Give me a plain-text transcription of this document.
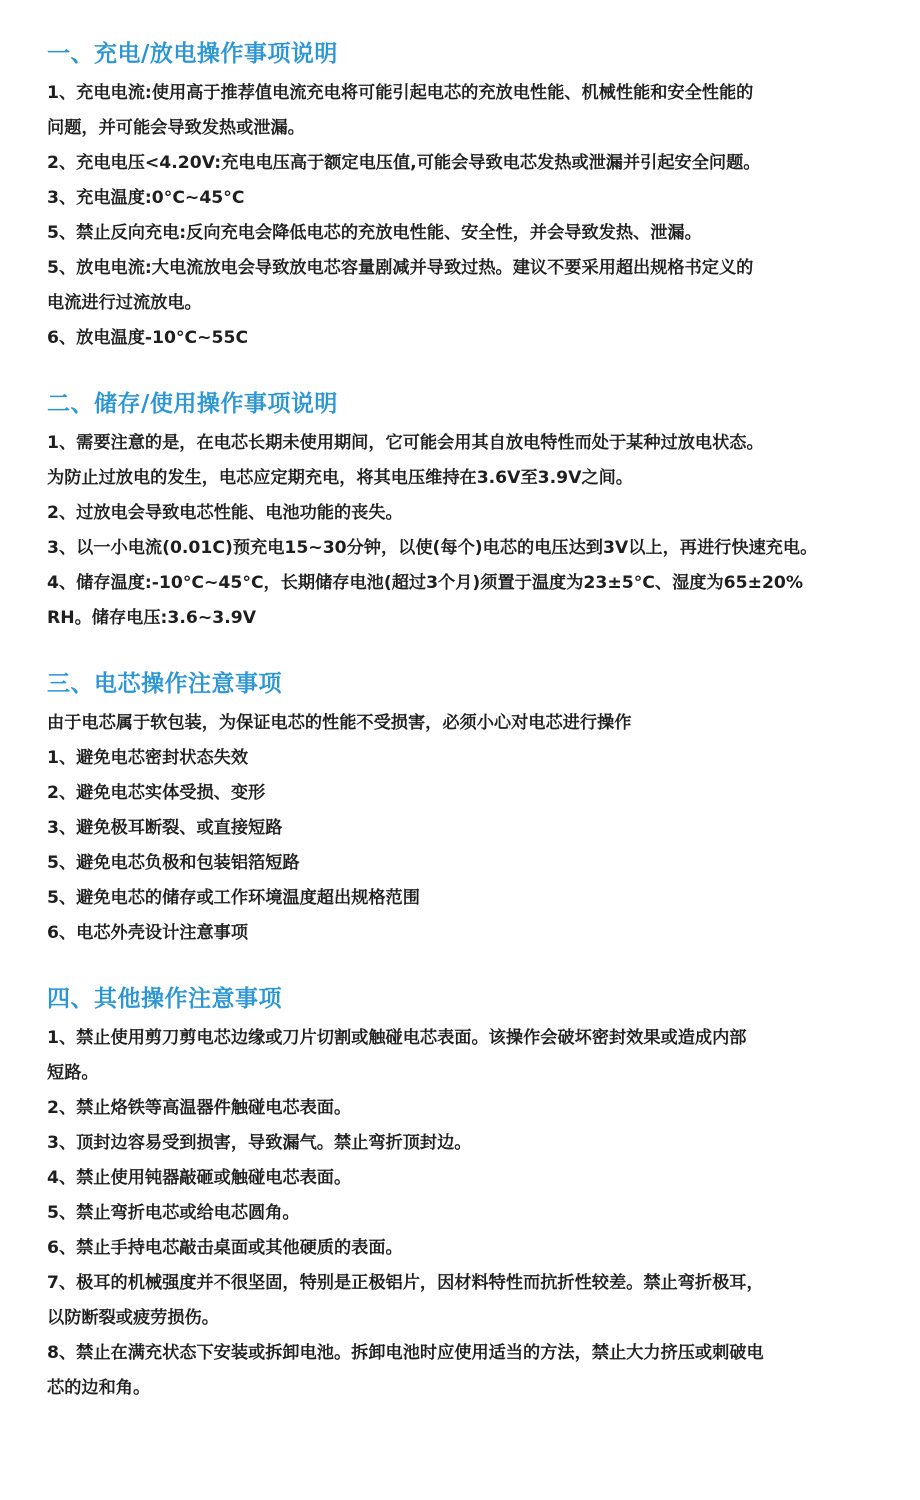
一、充电/放电操作事项说明

1、充电电流:使用高于推荐值电流充电将可能引起电芯的充放电性能、机械性能和安全性能的

问题，并可能会导致发热或泄漏。

2、充电电压<4.20V:充电电压高于额定电压值,可能会导致电芯发热或泄漏并引起安全问题。

3、充电温度:0°C~45°C

5、禁止反向充电:反向充电会降低电芯的充放电性能、安全性，并会导致发热、泄漏。

5、放电电流:大电流放电会导致放电芯容量剧减并导致过热。建议不要采用超出规格书定义的

电流进行过流放电。

6、放电温度-10°C~55C

二、储存/使用操作事项说明

1、需要注意的是，在电芯长期未使用期间，它可能会用其自放电特性而处于某种过放电状态。

为防止过放电的发生，电芯应定期充电，将其电压维持在3.6V至3.9V之间。

2、过放电会导致电芯性能、电池功能的丧失。

3、以一小电流(0.01C)预充电15~30分钟，以使(每个)电芯的电压达到3V以上，再进行快速充电。

4、储存温度:-10°C~45°C，长期储存电池(超过3个月)须置于温度为23±5°C、湿度为65±20%

RH。储存电压:3.6~3.9V

三、电芯操作注意事项

由于电芯属于软包装，为保证电芯的性能不受损害，必须小心对电芯进行操作

1、避免电芯密封状态失效

2、避免电芯实体受损、变形

3、避免极耳断裂、或直接短路

5、避免电芯负极和包装铝箔短路

5、避免电芯的储存或工作环境温度超出规格范围

6、电芯外壳设计注意事项

四、其他操作注意事项

1、禁止使用剪刀剪电芯边缘或刀片切割或触碰电芯表面。该操作会破坏密封效果或造成内部

短路。

2、禁止烙铁等高温器件触碰电芯表面。

3、顶封边容易受到损害，导致漏气。禁止弯折顶封边。

4、禁止使用钝器敲砸或触碰电芯表面。

5、禁止弯折电芯或给电芯圆角。

6、禁止手持电芯敲击桌面或其他硬质的表面。

7、极耳的机械强度并不很坚固，特别是正极铝片，因材料特性而抗折性较差。禁止弯折极耳，

以防断裂或疲劳损伤。

8、禁止在满充状态下安装或拆卸电池。拆卸电池时应使用适当的方法，禁止大力挤压或刺破电

芯的边和角。
